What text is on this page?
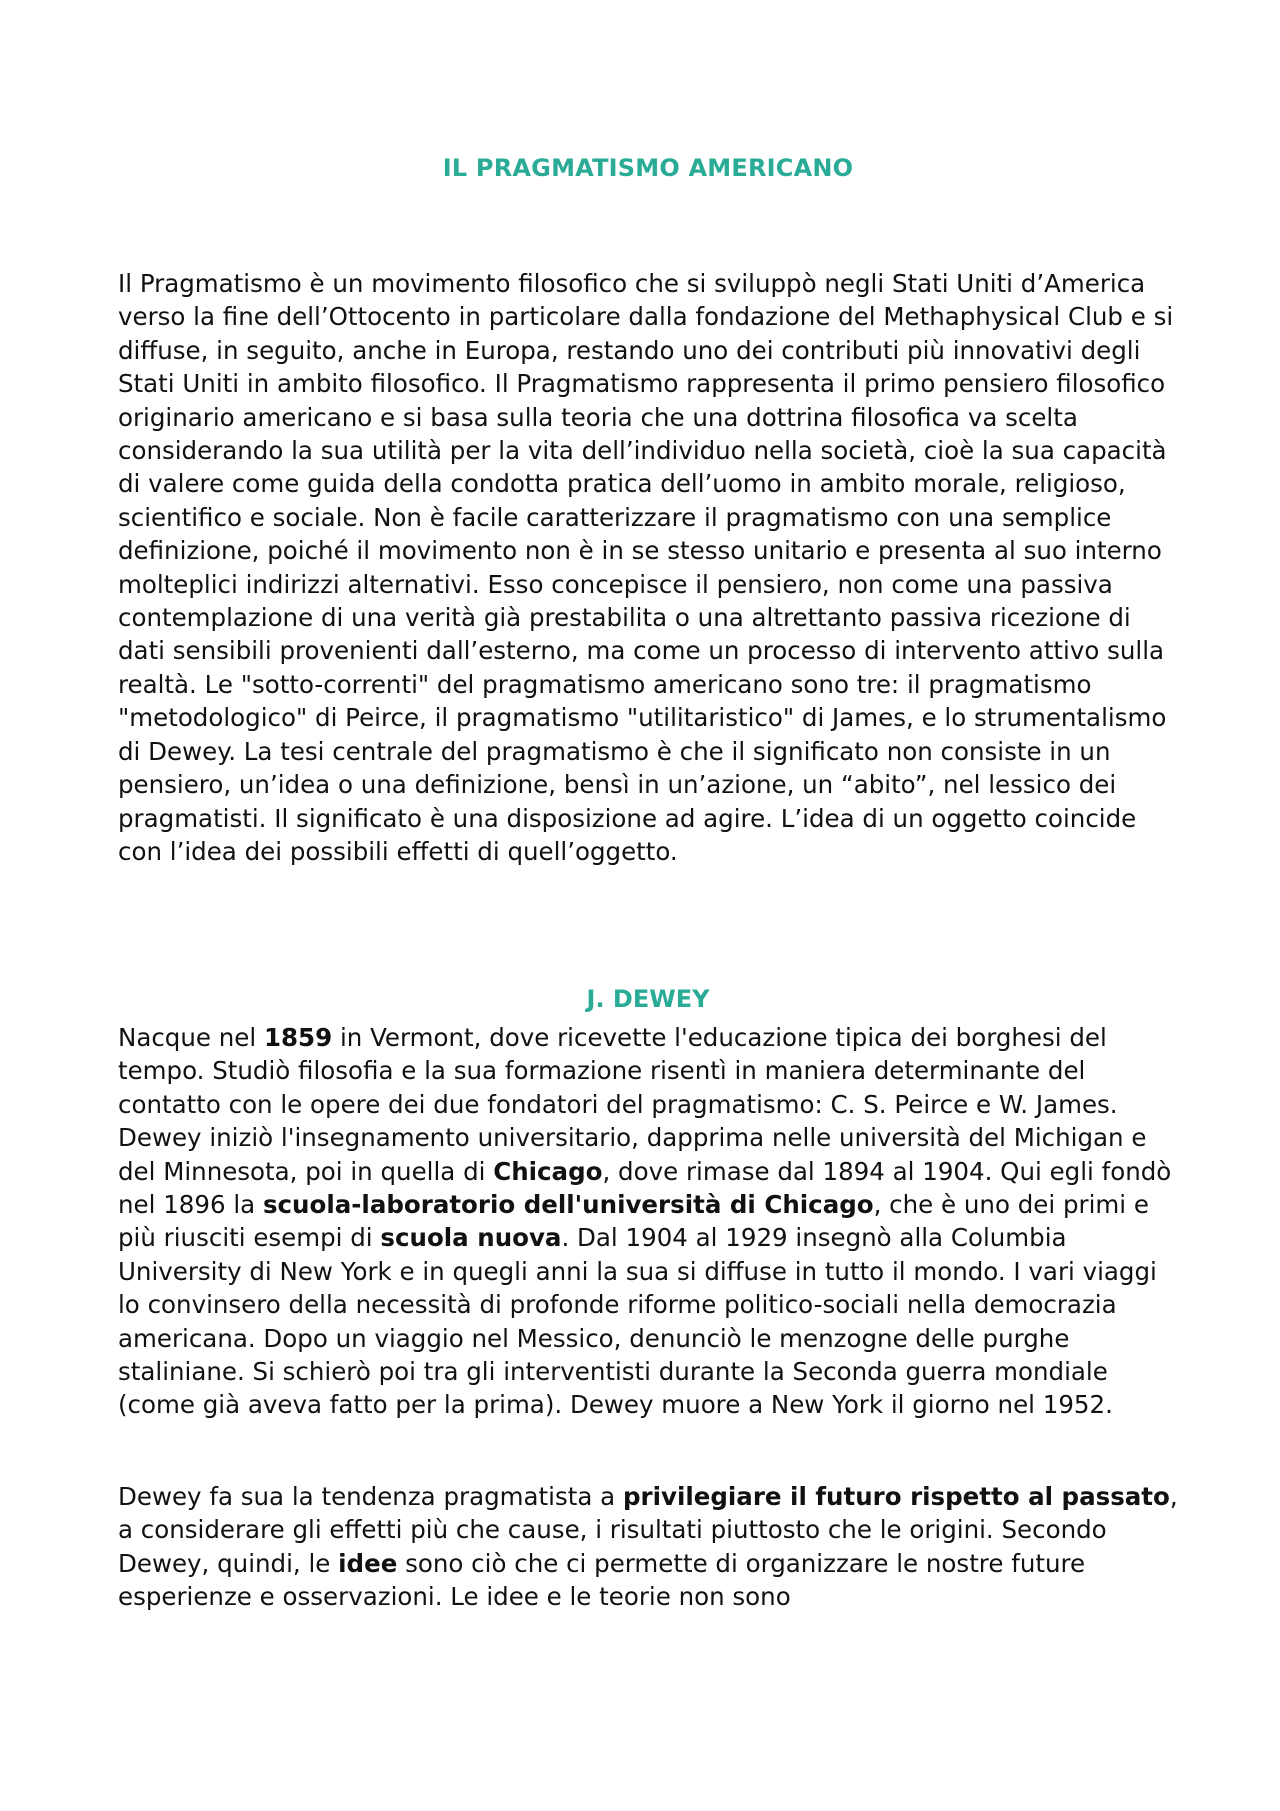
IL PRAGMATISMO AMERICANO

Il Pragmatismo è un movimento filosofico che si sviluppò negli Stati Uniti d’America verso la fine dell’Ottocento in particolare dalla fondazione del Methaphysical Club e si diffuse, in seguito, anche in Europa, restando uno dei contributi più innovativi degli Stati Uniti in ambito filosofico. Il Pragmatismo rappresenta il primo pensiero filosofico originario americano e si basa sulla teoria che una dottrina filosofica va scelta considerando la sua utilità per la vita dell’individuo nella società, cioè la sua capacità di valere come guida della condotta pratica dell’uomo in ambito morale, religioso, scientifico e sociale. Non è facile caratterizzare il pragmatismo con una semplice definizione, poiché il movimento non è in se stesso unitario e presenta al suo interno molteplici indirizzi alternativi. Esso concepisce il pensiero, non come una passiva contemplazione di una verità già prestabilita o una altrettanto passiva ricezione di dati sensibili provenienti dall’esterno, ma come un processo di intervento attivo sulla realtà. Le "sotto-correnti" del pragmatismo americano sono tre: il pragmatismo "metodologico" di Peirce, il pragmatismo "utilitaristico" di James, e lo strumentalismo di Dewey. La tesi centrale del pragmatismo è che il significato non consiste in un pensiero, un’idea o una definizione, bensì in un’azione, un “abito”, nel lessico dei pragmatisti. Il significato è una disposizione ad agire. L’idea di un oggetto coincide con l’idea dei possibili effetti di quell’oggetto.

J. DEWEY

Nacque nel 1859 in Vermont, dove ricevette l'educazione tipica dei borghesi del tempo. Studiò filosofia e la sua formazione risentì in maniera determinante del contatto con le opere dei due fondatori del pragmatismo: C. S. Peirce e W. James. Dewey iniziò l'insegnamento universitario, dapprima nelle università del Michigan e del Minnesota, poi in quella di Chicago, dove rimase dal 1894 al 1904. Qui egli fondò nel 1896 la scuola-laboratorio dell'università di Chicago, che è uno dei primi e più riusciti esempi di scuola nuova. Dal 1904 al 1929 insegnò alla Columbia University di New York e in quegli anni la sua si diffuse in tutto il mondo. I vari viaggi lo convinsero della necessità di profonde riforme politico-sociali nella democrazia americana. Dopo un viaggio nel Messico, denunciò le menzogne delle purghe staliniane. Si schierò poi tra gli interventisti durante la Seconda guerra mondiale (come già aveva fatto per la prima). Dewey muore a New York il giorno nel 1952.

Dewey fa sua la tendenza pragmatista a privilegiare il futuro rispetto al passato, a considerare gli effetti più che cause, i risultati piuttosto che le origini. Secondo Dewey, quindi, le idee sono ciò che ci permette di organizzare le nostre future esperienze e osservazioni. Le idee e le teorie non sono
